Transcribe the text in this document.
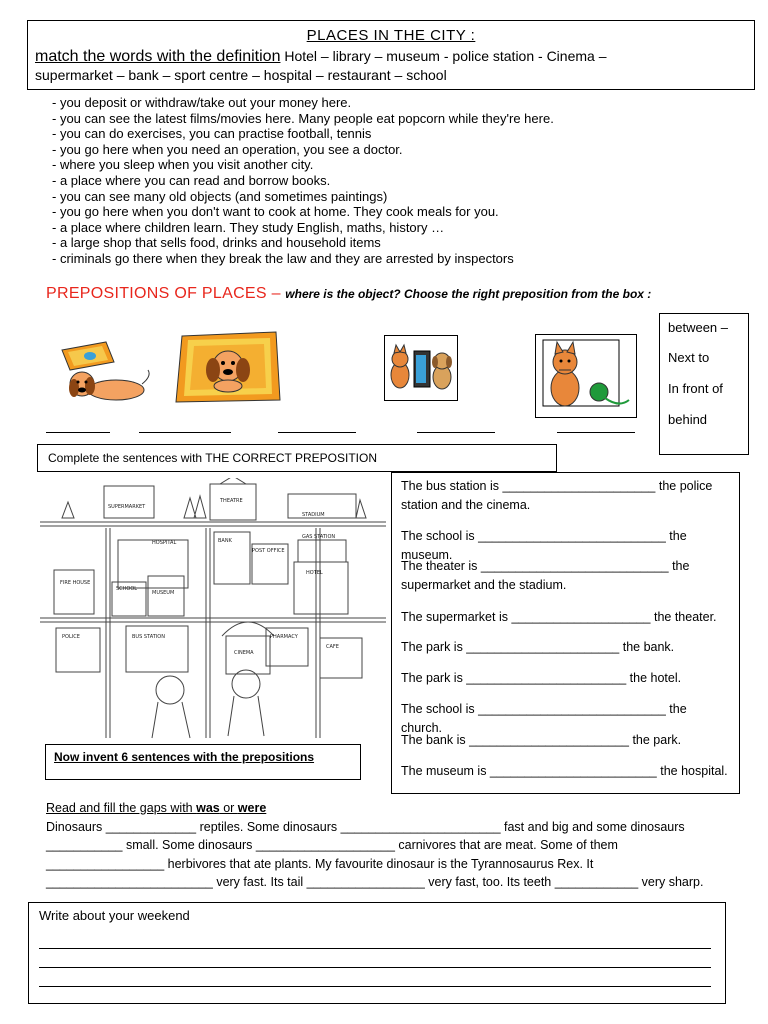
PLACES IN THE CITY :
match the words with the definition Hotel – library – museum - police station - Cinema –
supermarket – bank – sport centre – hospital – restaurant – school
- you deposit or withdraw/take out your money here.
- you can see the latest films/movies here. Many people eat popcorn while they're here.
- you can do exercises, you can practise football, tennis
- you go here when you need an operation, you see a doctor.
- where you sleep when you visit another city.
- a place where you can read and borrow books.
- you can see many old objects (and sometimes paintings)
- you go here when you don't want to cook at home. They cook meals for you.
- a place where children learn. They study English, maths, history …
- a large shop that sells food, drinks and household items
- criminals go there when they break the law and they are arrested by inspectors
PREPOSITIONS OF PLACES – where is the object? Choose the right preposition from the box :
between –
Next to
In front of
behind
Complete the sentences with THE CORRECT PREPOSITION
SUPERMARKET
THEATRE
STADIUM
HOSPITAL	BANK
POST OFFICE
GAS STATION
FIRE HOUSE
SCHOOL
MUSEUM
HOTEL
POLICE	BUS STATION
CINEMA
PHARMACY
CAFE
The bus station is ______________________ the police station and the cinema.
The school is ___________________________ the museum.
The theater is ___________________________ the supermarket and the stadium.
The supermarket is ____________________ the theater.
The park is ______________________ the bank.
The park is _______________________ the hotel.
The school is ___________________________ the church.
The bank is _______________________ the park.
The museum is ________________________ the hospital.
Now invent 6 sentences with the prepositions
Read and fill the gaps with was or were
Dinosaurs _____________ reptiles. Some dinosaurs _______________________ fast and big and some dinosaurs
___________ small. Some dinosaurs ____________________ carnivores that are meat. Some of them
_________________ herbivores that ate plants. My favourite dinosaur is the Tyrannosaurus Rex. It
________________________ very fast. Its tail _________________ very fast, too. Its teeth ____________ very sharp.
Write about your weekend
